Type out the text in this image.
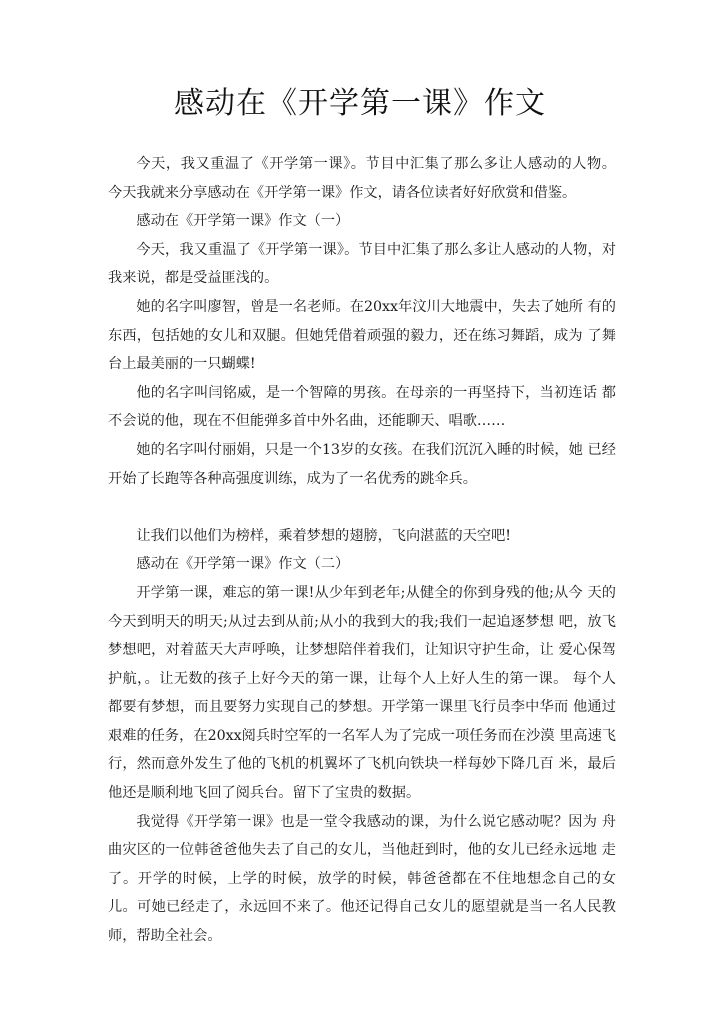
感动在《开学第一课》作文

今天，我又重温了《开学第一课》。节目中汇集了那么多让人感动的人物。 今天我就来分享感动在《开学第一课》作文，请各位读者好好欣赏和借鉴。

感动在《开学第一课》作文（一）

今天，我又重温了《开学第一课》。节目中汇集了那么多让人感动的人物，对我来说，都是受益匪浅的。

她的名字叫廖智，曾是一名老师。在20xx年汶川大地震中，失去了她所 有的东西，包括她的女儿和双腿。但她凭借着顽强的毅力，还在练习舞蹈，成为 了舞台上最美丽的一只蝴蝶!

他的名字叫闫铭威，是一个智障的男孩。在母亲的一再坚持下，当初连话 都不会说的他，现在不但能弹多首中外名曲，还能聊天、唱歌……

她的名字叫付丽娟，只是一个13岁的女孩。在我们沉沉入睡的时候，她 已经开始了长跑等各种高强度训练，成为了一名优秀的跳伞兵。

让我们以他们为榜样，乘着梦想的翅膀，飞向湛蓝的天空吧!

感动在《开学第一课》作文（二）

开学第一课，难忘的第一课!从少年到老年;从健全的你到身残的他;从今 天的今天到明天的明天;从过去到从前;从小的我到大的我;我们一起追逐梦想 吧，放飞梦想吧，对着蓝天大声呼唤，让梦想陪伴着我们，让知识守护生命，让 爱心保驾护航，。让无数的孩子上好今天的第一课，让每个人上好人生的第一课。 每个人都要有梦想，而且要努力实现自己的梦想。开学第一课里飞行员李中华而 他通过艰难的任务，在20xx阅兵时空军的一名军人为了完成一项任务而在沙漠 里高速飞行，然而意外发生了他的飞机的机翼坏了飞机向铁块一样每妙下降几百 米，最后他还是顺利地飞回了阅兵台。留下了宝贵的数据。

我觉得《开学第一课》也是一堂令我感动的课，为什么说它感动呢？因为 舟曲灾区的一位韩爸爸他失去了自己的女儿，当他赶到时，他的女儿已经永远地 走了。开学的时候，上学的时候，放学的时候，韩爸爸都在不住地想念自己的女 儿。可她已经走了，永远回不来了。他还记得自己女儿的愿望就是当一名人民教 师，帮助全社会。
